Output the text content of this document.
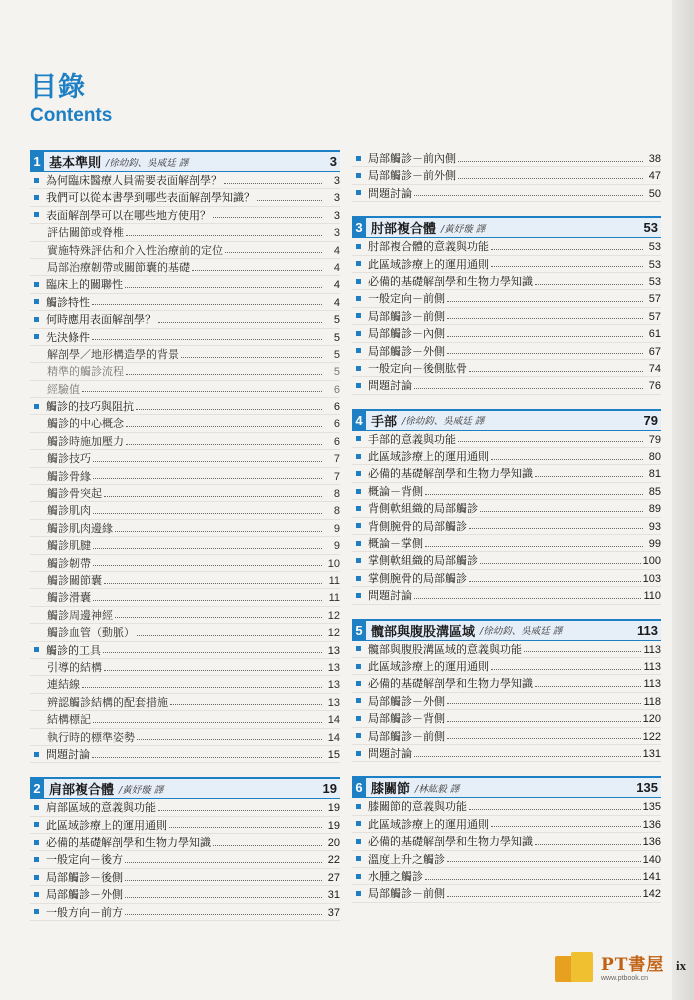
目錄
Contents
1 基本準則 /徐幼鈞、吳威廷 譯	3
為何臨床醫療人員需要表面解剖學？	3
我們可以從本書學到哪些表面解剖學知識？	3
表面解剖學可以在哪些地方使用？	3
評估關節或脊椎	3
實施特殊評估和介入性治療前的定位	4
局部治療韌帶或關節囊的基礎	4
臨床上的關聯性	4
觸診特性	4
何時應用表面解剖學？	5
先決條件	5
解剖學／地形構造學的背景	5
精準的觸診流程	5
經驗值	6
觸診的技巧與阻抗	6
觸診的中心概念	6
觸診時施加壓力	6
觸診技巧	7
觸診骨緣	7
觸診骨突起	8
觸診肌肉	8
觸診肌肉邊緣	9
觸診肌腱	9
觸診韌帶	10
觸診關節囊	11
觸診滑囊	11
觸診周邊神經	12
觸診血管（動脈）	12
觸診的工具	13
引導的結構	13
連結線	13
辨認觸診結構的配套措施	13
結構標記	14
執行時的標準姿勢	14
問題討論	15
2 肩部複合體 /黃妤璇 譯	19
肩部區域的意義與功能	19
此區域診療上的運用通則	19
必備的基礎解剖學和生物力學知識	20
一般定向－後方	22
局部觸診－後側	27
局部觸診－外側	31
一般方向－前方	37
局部觸診－前內側	38
局部觸診－前外側	47
問題討論	50
3 肘部複合體 /黃妤璇 譯	53
肘部複合體的意義與功能	53
此區域診療上的運用通則	53
必備的基礎解剖學和生物力學知識	53
一般定向－前側	57
局部觸診－前側	57
局部觸診－內側	61
局部觸診－外側	67
一般定向－後側肱骨	74
問題討論	76
4 手部 /徐幼鈞、吳威廷 譯	79
手部的意義與功能	79
此區域診療上的運用通則	80
必備的基礎解剖學和生物力學知識	81
概論－背側	85
背側軟組織的局部觸診	89
背側腕骨的局部觸診	93
概論－掌側	99
掌側軟組織的局部觸診	100
掌側腕骨的局部觸診	103
問題討論	110
5 髖部與腹股溝區域 /徐幼鈞、吳威廷 譯	113
髖部與腹股溝區域的意義與功能	113
此區域診療上的運用通則	113
必備的基礎解剖學和生物力學知識	113
局部觸診－外側	118
局部觸診－背側	120
局部觸診－前側	122
問題討論	131
6 膝關節 /林紘毅 譯	135
膝關節的意義與功能	135
此區域診療上的運用通則	136
必備的基礎解剖學和生物力學知識	136
溫度上升之觸診	140
水腫之觸診	141
局部觸診－前側	142
PT書屋
www.ptbook.cn
ix
